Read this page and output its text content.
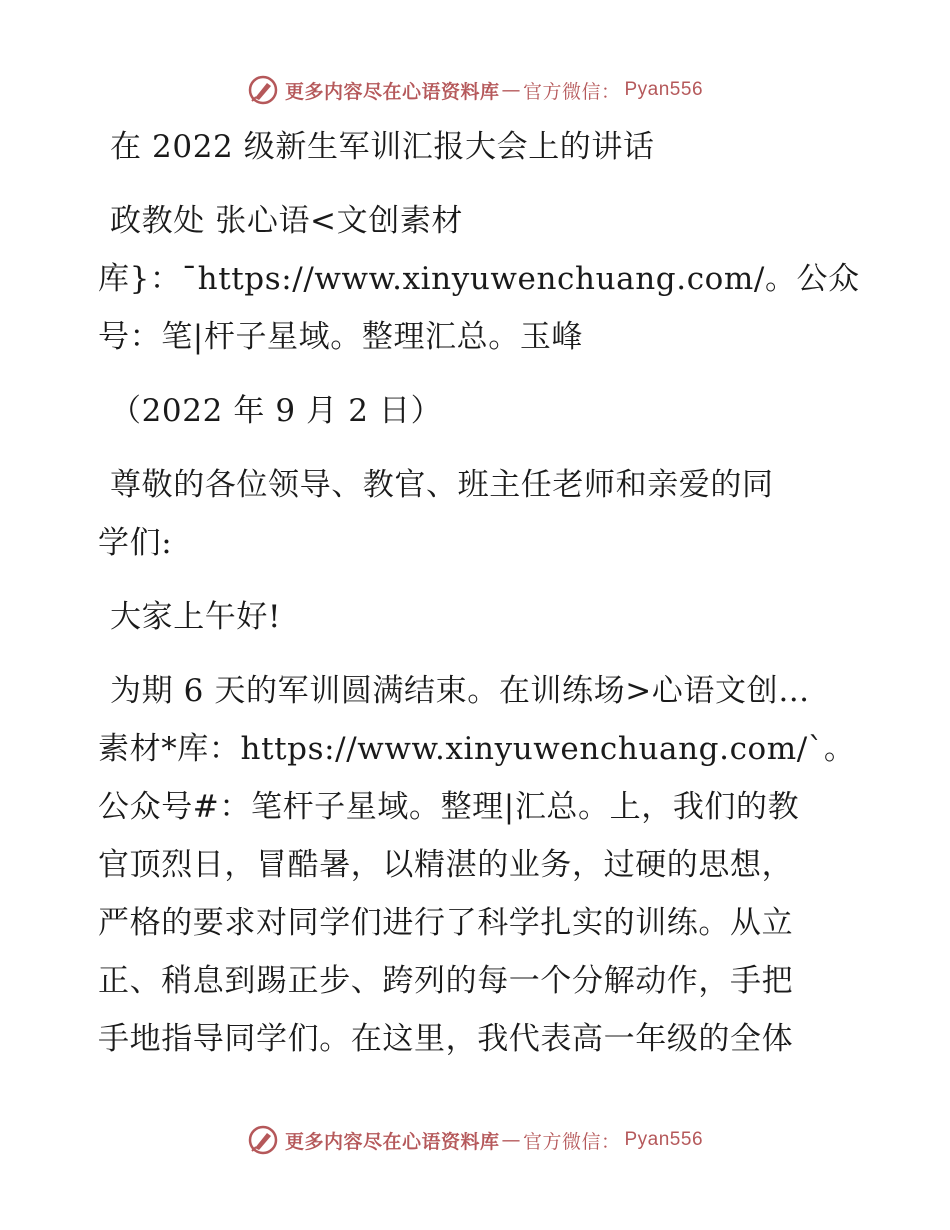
更多内容尽在心语资料库 — 官方微信： Pyan556
在 2022 级新生军训汇报大会上的讲话
政教处 张心语<文创素材
库}：¯https://www.xinyuwenchuang.com/。公众
号：笔|杆子星域。整理汇总。玉峰
（2022 年 9 月 2 日）
尊敬的各位领导、教官、班主任老师和亲爱的同
学们:
大家上午好!
为期 6 天的军训圆满结束。在训练场>心语文创…
素材*库：https://www.xinyuwenchuang.com/`。
公众号#：笔杆子星域。整理|汇总。上，我们的教
官顶烈日，冒酷暑，以精湛的业务，过硬的思想，
严格的要求对同学们进行了科学扎实的训练。从立
正、稍息到踢正步、跨列的每一个分解动作，手把
手地指导同学们。在这里，我代表高一年级的全体
更多内容尽在心语资料库 — 官方微信： Pyan556
